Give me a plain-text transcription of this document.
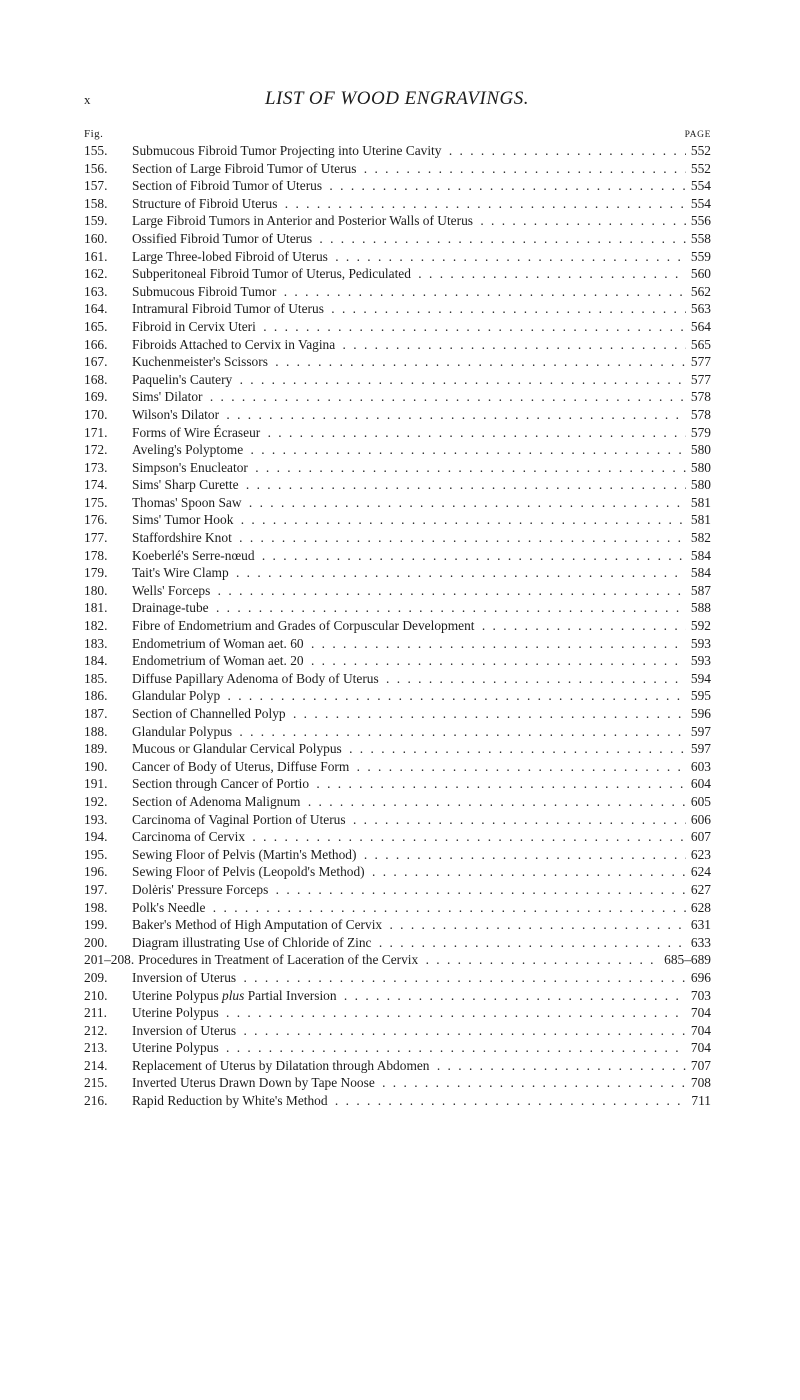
x	LIST OF WOOD ENGRAVINGS.
Fig.	PAGE
155. Submucous Fibroid Tumor Projecting into Uterine Cavity . . .	552
156. Section of Large Fibroid Tumor of Uterus . . .	552
157. Section of Fibroid Tumor of Uterus . . .	554
158. Structure of Fibroid Uterus . . .	554
159. Large Fibroid Tumors in Anterior and Posterior Walls of Uterus . . .	556
160. Ossified Fibroid Tumor of Uterus . . .	558
161. Large Three-lobed Fibroid of Uterus . . .	559
162. Subperitoneal Fibroid Tumor of Uterus, Pediculated . . .	560
163. Submucous Fibroid Tumor . . .	562
164. Intramural Fibroid Tumor of Uterus . . .	563
165. Fibroid in Cervix Uteri . . .	564
166. Fibroids Attached to Cervix in Vagina . . .	565
167. Kuchenmeister's Scissors . . .	577
168. Paquelin's Cautery . . .	577
169. Sims' Dilator . . .	578
170. Wilson's Dilator . . .	578
171. Forms of Wire Écraseur . . .	579
172. Aveling's Polyptome . . .	580
173. Simpson's Enucleator . . .	580
174. Sims' Sharp Curette . . .	580
175. Thomas' Spoon Saw . . .	581
176. Sims' Tumor Hook . . .	581
177. Staffordshire Knot . . .	582
178. Koeberlé's Serre-nœud . . .	584
179. Tait's Wire Clamp . . .	584
180. Wells' Forceps . . .	587
181. Drainage-tube . . .	588
182. Fibre of Endometrium and Grades of Corpuscular Development . . .	592
183. Endometrium of Woman aet. 60 . . .	593
184. Endometrium of Woman aet. 20 . . .	593
185. Diffuse Papillary Adenoma of Body of Uterus . . .	594
186. Glandular Polyp . . .	595
187. Section of Channelled Polyp . . .	596
188. Glandular Polypus . . .	597
189. Mucous or Glandular Cervical Polypus . . .	597
190. Cancer of Body of Uterus, Diffuse Form . . .	603
191. Section through Cancer of Portio . . .	604
192. Section of Adenoma Malignum . . .	605
193. Carcinoma of Vaginal Portion of Uterus . . .	606
194. Carcinoma of Cervix . . .	607
195. Sewing Floor of Pelvis (Martin's Method) . . .	623
196. Sewing Floor of Pelvis (Leopold's Method) . . .	624
197. Dolėris' Pressure Forceps . . .	627
198. Polk's Needle . . .	628
199. Baker's Method of High Amputation of Cervix . . .	631
200. Diagram illustrating Use of Chloride of Zinc . . .	633
201–208. Procedures in Treatment of Laceration of the Cervix . . .	685–689
209. Inversion of Uterus . . .	696
210. Uterine Polypus plus Partial Inversion . . .	703
211. Uterine Polypus . . .	704
212. Inversion of Uterus . . .	704
213. Uterine Polypus . . .	704
214. Replacement of Uterus by Dilatation through Abdomen . . .	707
215. Inverted Uterus Drawn Down by Tape Noose . . .	708
216. Rapid Reduction by White's Method . . .	711
